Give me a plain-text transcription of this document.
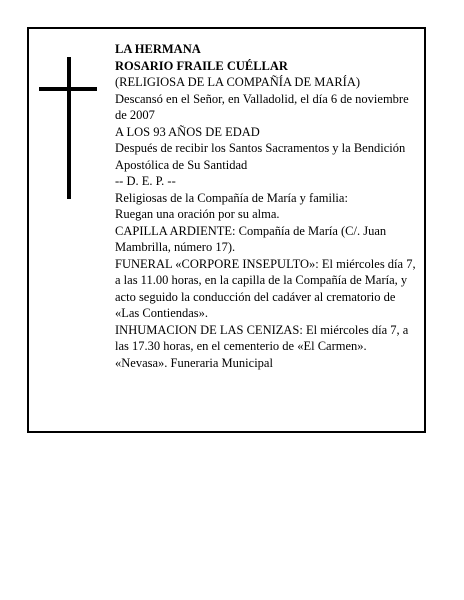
LA HERMANA
ROSARIO FRAILE CUÉLLAR
(RELIGIOSA DE LA COMPAÑÍA DE MARÍA)
Descansó en el Señor, en Valladolid, el día 6 de noviembre de 2007
A LOS 93 AÑOS DE EDAD
Después de recibir los Santos Sacramentos y la Bendición Apostólica de Su Santidad
-- D. E. P. --
Religiosas de la Compañía de María y familia:
Ruegan una oración por su alma.
CAPILLA ARDIENTE: Compañía de María (C/. Juan Mambrilla, número 17).
FUNERAL «CORPORE INSEPULTO»: El miércoles día 7, a las 11.00 horas, en la capilla de la Compañía de María, y acto seguido la conducción del cadáver al crematorio de «Las Contiendas».
INHUMACION DE LAS CENIZAS: El miércoles día 7, a las 17.30 horas, en el cementerio de «El Carmen».
«Nevasa». Funeraria Municipal
